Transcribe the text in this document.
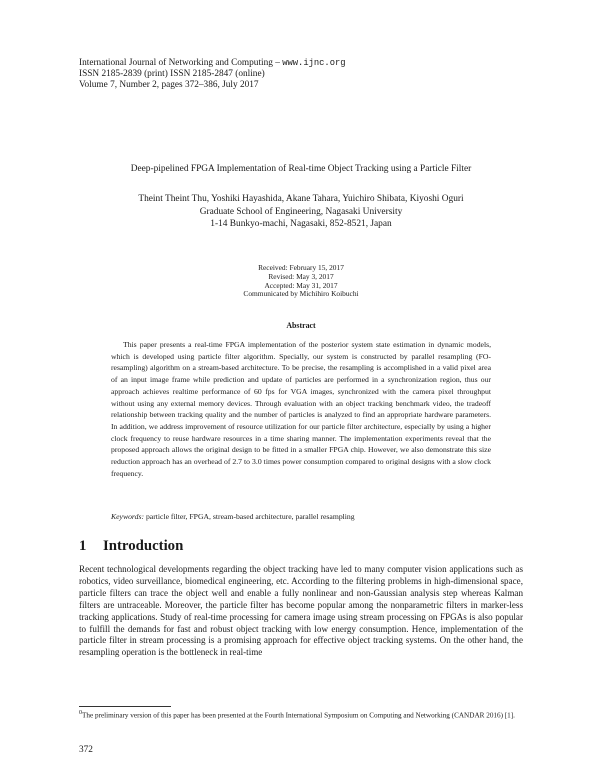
International Journal of Networking and Computing – www.ijnc.org
ISSN 2185-2839 (print) ISSN 2185-2847 (online)
Volume 7, Number 2, pages 372–386, July 2017
Deep-pipelined FPGA Implementation of Real-time Object Tracking using a Particle Filter
Theint Theint Thu, Yoshiki Hayashida, Akane Tahara, Yuichiro Shibata, Kiyoshi Oguri
Graduate School of Engineering, Nagasaki University
1-14 Bunkyo-machi, Nagasaki, 852-8521, Japan
Received: February 15, 2017
Revised: May 3, 2017
Accepted: May 31, 2017
Communicated by Michihiro Koibuchi
Abstract
This paper presents a real-time FPGA implementation of the posterior system state estimation in dynamic models, which is developed using particle filter algorithm. Specially, our system is constructed by parallel resampling (FO-resampling) algorithm on a stream-based architecture. To be precise, the resampling is accomplished in a valid pixel area of an input image frame while prediction and update of particles are performed in a synchronization region, thus our approach achieves realtime performance of 60 fps for VGA images, synchronized with the camera pixel throughput without using any external memory devices. Through evaluation with an object tracking benchmark video, the tradeoff relationship between tracking quality and the number of particles is analyzed to find an appropriate hardware parameters. In addition, we address improvement of resource utilization for our particle filter architecture, especially by using a higher clock frequency to reuse hardware resources in a time sharing manner. The implementation experiments reveal that the proposed approach allows the original design to be fitted in a smaller FPGA chip. However, we also demonstrate this size reduction approach has an overhead of 2.7 to 3.0 times power consumption compared to original designs with a slow clock frequency.
Keywords: particle filter, FPGA, stream-based architecture, parallel resampling
1 Introduction
Recent technological developments regarding the object tracking have led to many computer vision applications such as robotics, video surveillance, biomedical engineering, etc. According to the filtering problems in high-dimensional space, particle filters can trace the object well and enable a fully nonlinear and non-Gaussian analysis step whereas Kalman filters are untraceable. Moreover, the particle filter has become popular among the nonparametric filters in marker-less tracking applications. Study of real-time processing for camera image using stream processing on FPGAs is also popular to fulfill the demands for fast and robust object tracking with low energy consumption. Hence, implementation of the particle filter in stream processing is a promising approach for effective object tracking systems. On the other hand, the resampling operation is the bottleneck in real-time
$^0$The preliminary version of this paper has been presented at the Fourth International Symposium on Computing and Networking (CANDAR 2016) [1].
372
